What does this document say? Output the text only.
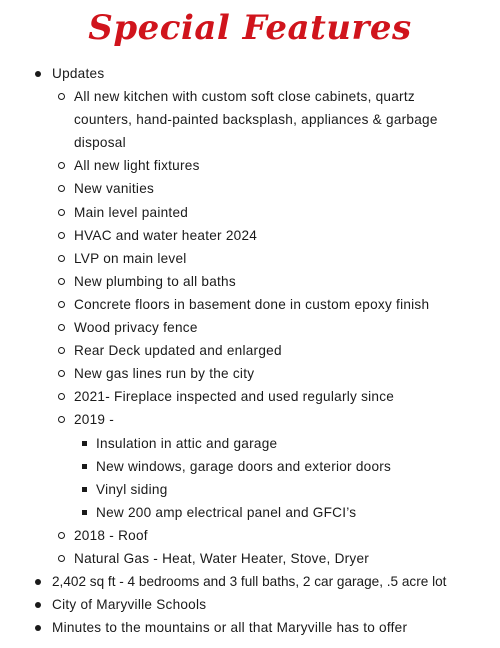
Special Features
Updates
All new kitchen with custom soft close cabinets, quartz
counters, hand-painted backsplash, appliances & garbage
disposal
All new light fixtures
New vanities
Main level painted
HVAC and water heater 2024
LVP on main level
New plumbing to all baths
Concrete floors in basement done in custom epoxy finish
Wood privacy fence
Rear Deck updated and enlarged
New gas lines run by the city
2021- Fireplace inspected and used regularly since
2019 -
Insulation in attic and garage
New windows, garage doors and exterior doors
Vinyl siding
New 200 amp electrical panel and GFCI’s
2018 - Roof
Natural Gas - Heat, Water Heater, Stove, Dryer
2,402 sq ft - 4 bedrooms and 3 full baths, 2 car garage, .5 acre lot
City of Maryville Schools
Minutes to the mountains or all that Maryville has to offer
